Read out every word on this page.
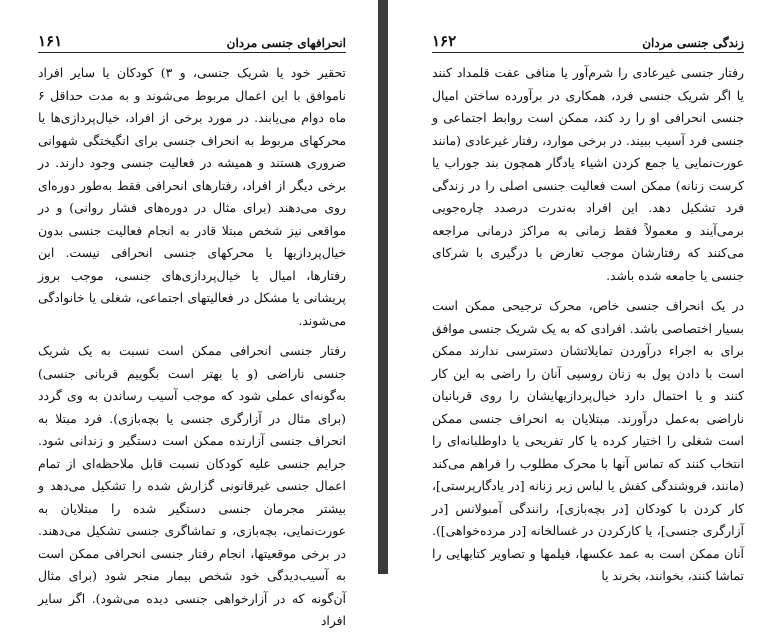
انحرافهای جنسی مردان
۱۶۱

تحقیر خود یا شریک جنسی، و ۳) کودکان یا سایر افراد ناموافق با این اعمال مربوط می‌شوند و به مدت حداقل ۶ ماه دوام می‌یابند. در مورد برخی از افراد، خیال‌پردازی‌ها یا محرکهای مربوط به انحراف جنسی برای انگیختگی شهوانی ضروری هستند و همیشه در فعالیت جنسی وجود دارند. در برخی دیگر از افراد، رفتارهای انحرافی فقط به‌طور دوره‌ای روی می‌دهند (برای مثال در دوره‌های فشار روانی) و در مواقعی نیز شخص مبتلا قادر به انجام فعالیت جنسی بدون خیال‌پردازیها یا محرکهای جنسی انحرافی نیست. این رفتارها، امیال یا خیال‌پردازی‌های جنسی، موجب بروز پریشانی یا مشکل در فعالیتهای اجتماعی، شغلی یا خانوادگی می‌شوند.

رفتار جنسی انحرافی ممکن است نسبت به یک شریک جنسی ناراضی (و یا بهتر است بگوییم قربانی جنسی) به‌گونه‌ای عملی شود که موجب آسیب رساندن به وی گردد (برای مثال در آزارگری جنسی یا بچه‌بازی). فرد مبتلا به انحراف جنسی آزارنده ممکن است دستگیر و زندانی شود. جرایم جنسی علیه کودکان نسبت قابل ملاحظه‌ای از تمام اعمال جنسی غیرقانونی گزارش شده را تشکیل می‌دهد و بیشتر مجرمان جنسی دستگیر شده را مبتلایان به عورت‌نمایی، بچه‌بازی، و تماشاگری جنسی تشکیل می‌دهند. در برخی موقعیتها، انجام رفتار جنسی انحرافی ممکن است به آسیب‌دیدگی خود شخص بیمار منجر شود (برای مثال آن‌گونه که در آزارخواهی جنسی دیده می‌شود). اگر سایر افراد

زندگی جنسی مردان
۱۶۲

رفتار جنسی غیرعادی را شرم‌آور یا منافی عفت قلمداد کنند یا اگر شریک جنسی فرد، همکاری در برآورده ساختن امیال جنسی انحرافی او را رد کند، ممکن است روابط اجتماعی و جنسی فرد آسیب ببیند. در برخی موارد، رفتار غیرعادی (مانند عورت‌نمایی یا جمع کردن اشیاء یادگار همچون بند جوراب یا کرست زنانه) ممکن است فعالیت جنسی اصلی را در زندگی فرد تشکیل دهد. این افراد به‌ندرت درصدد چاره‌جویی برمی‌آیند و معمولاً فقط زمانی به مراکز درمانی مراجعه می‌کنند که رفتارشان موجب تعارض با درگیری با شرکای جنسی یا جامعه شده باشد.

در یک انحراف جنسی خاص، محرک ترجیحی ممکن است بسیار اختصاصی باشد. افرادی که به یک شریک جنسی موافق برای به اجراء درآوردن تمایلاتشان دسترسی ندارند ممکن است با دادن پول به زنان روسپی آنان را راضی به این کار کنند و یا احتمال دارد خیال‌پردازیهایشان را روی قربانیان ناراضی به‌عمل درآورند. مبتلایان به انحراف جنسی ممکن است شغلی را اختیار کرده یا کار تفریحی یا داوطلبانه‌ای را انتخاب کنند که تماس آنها با محرک مطلوب را فراهم می‌کند (مانند، فروشندگی کفش یا لباس زیر زنانه [در یادگارپرستی]، کار کردن با کودکان [در بچه‌بازی]، رانندگی آمبولانس [در آزارگری جنسی]، یا کارکردن در غسالخانه [در مرده‌خواهی]). آنان ممکن است به عمد عکسها، فیلمها و تصاویر کتابهایی را تماشا کنند، بخوانند، بخرند یا
